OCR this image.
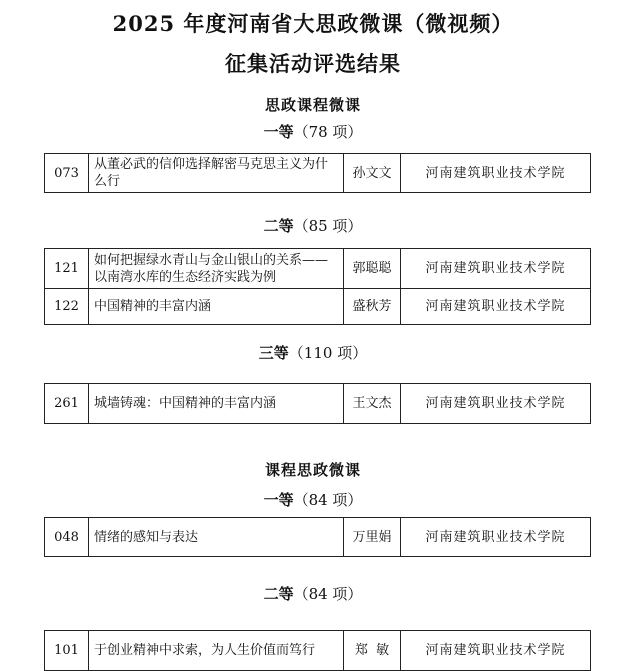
2025 年度河南省大思政微课（微视频）
征集活动评选结果
思政课程微课
一等（78 项）
073	从董必武的信仰选择解密马克思主义为什么行	孙文文	河南建筑职业技术学院
二等（85 项）
121	如何把握绿水青山与金山银山的关系——以南湾水库的生态经济实践为例	郭聪聪	河南建筑职业技术学院
122	中国精神的丰富内涵	盛秋芳	河南建筑职业技术学院
三等（110 项）
261	城墙铸魂：中国精神的丰富内涵	王文杰	河南建筑职业技术学院
课程思政微课
一等（84 项）
048	情绪的感知与表达	万里娟	河南建筑职业技术学院
二等（84 项）
101	于创业精神中求索，为人生价值而笃行	郑  敏	河南建筑职业技术学院
